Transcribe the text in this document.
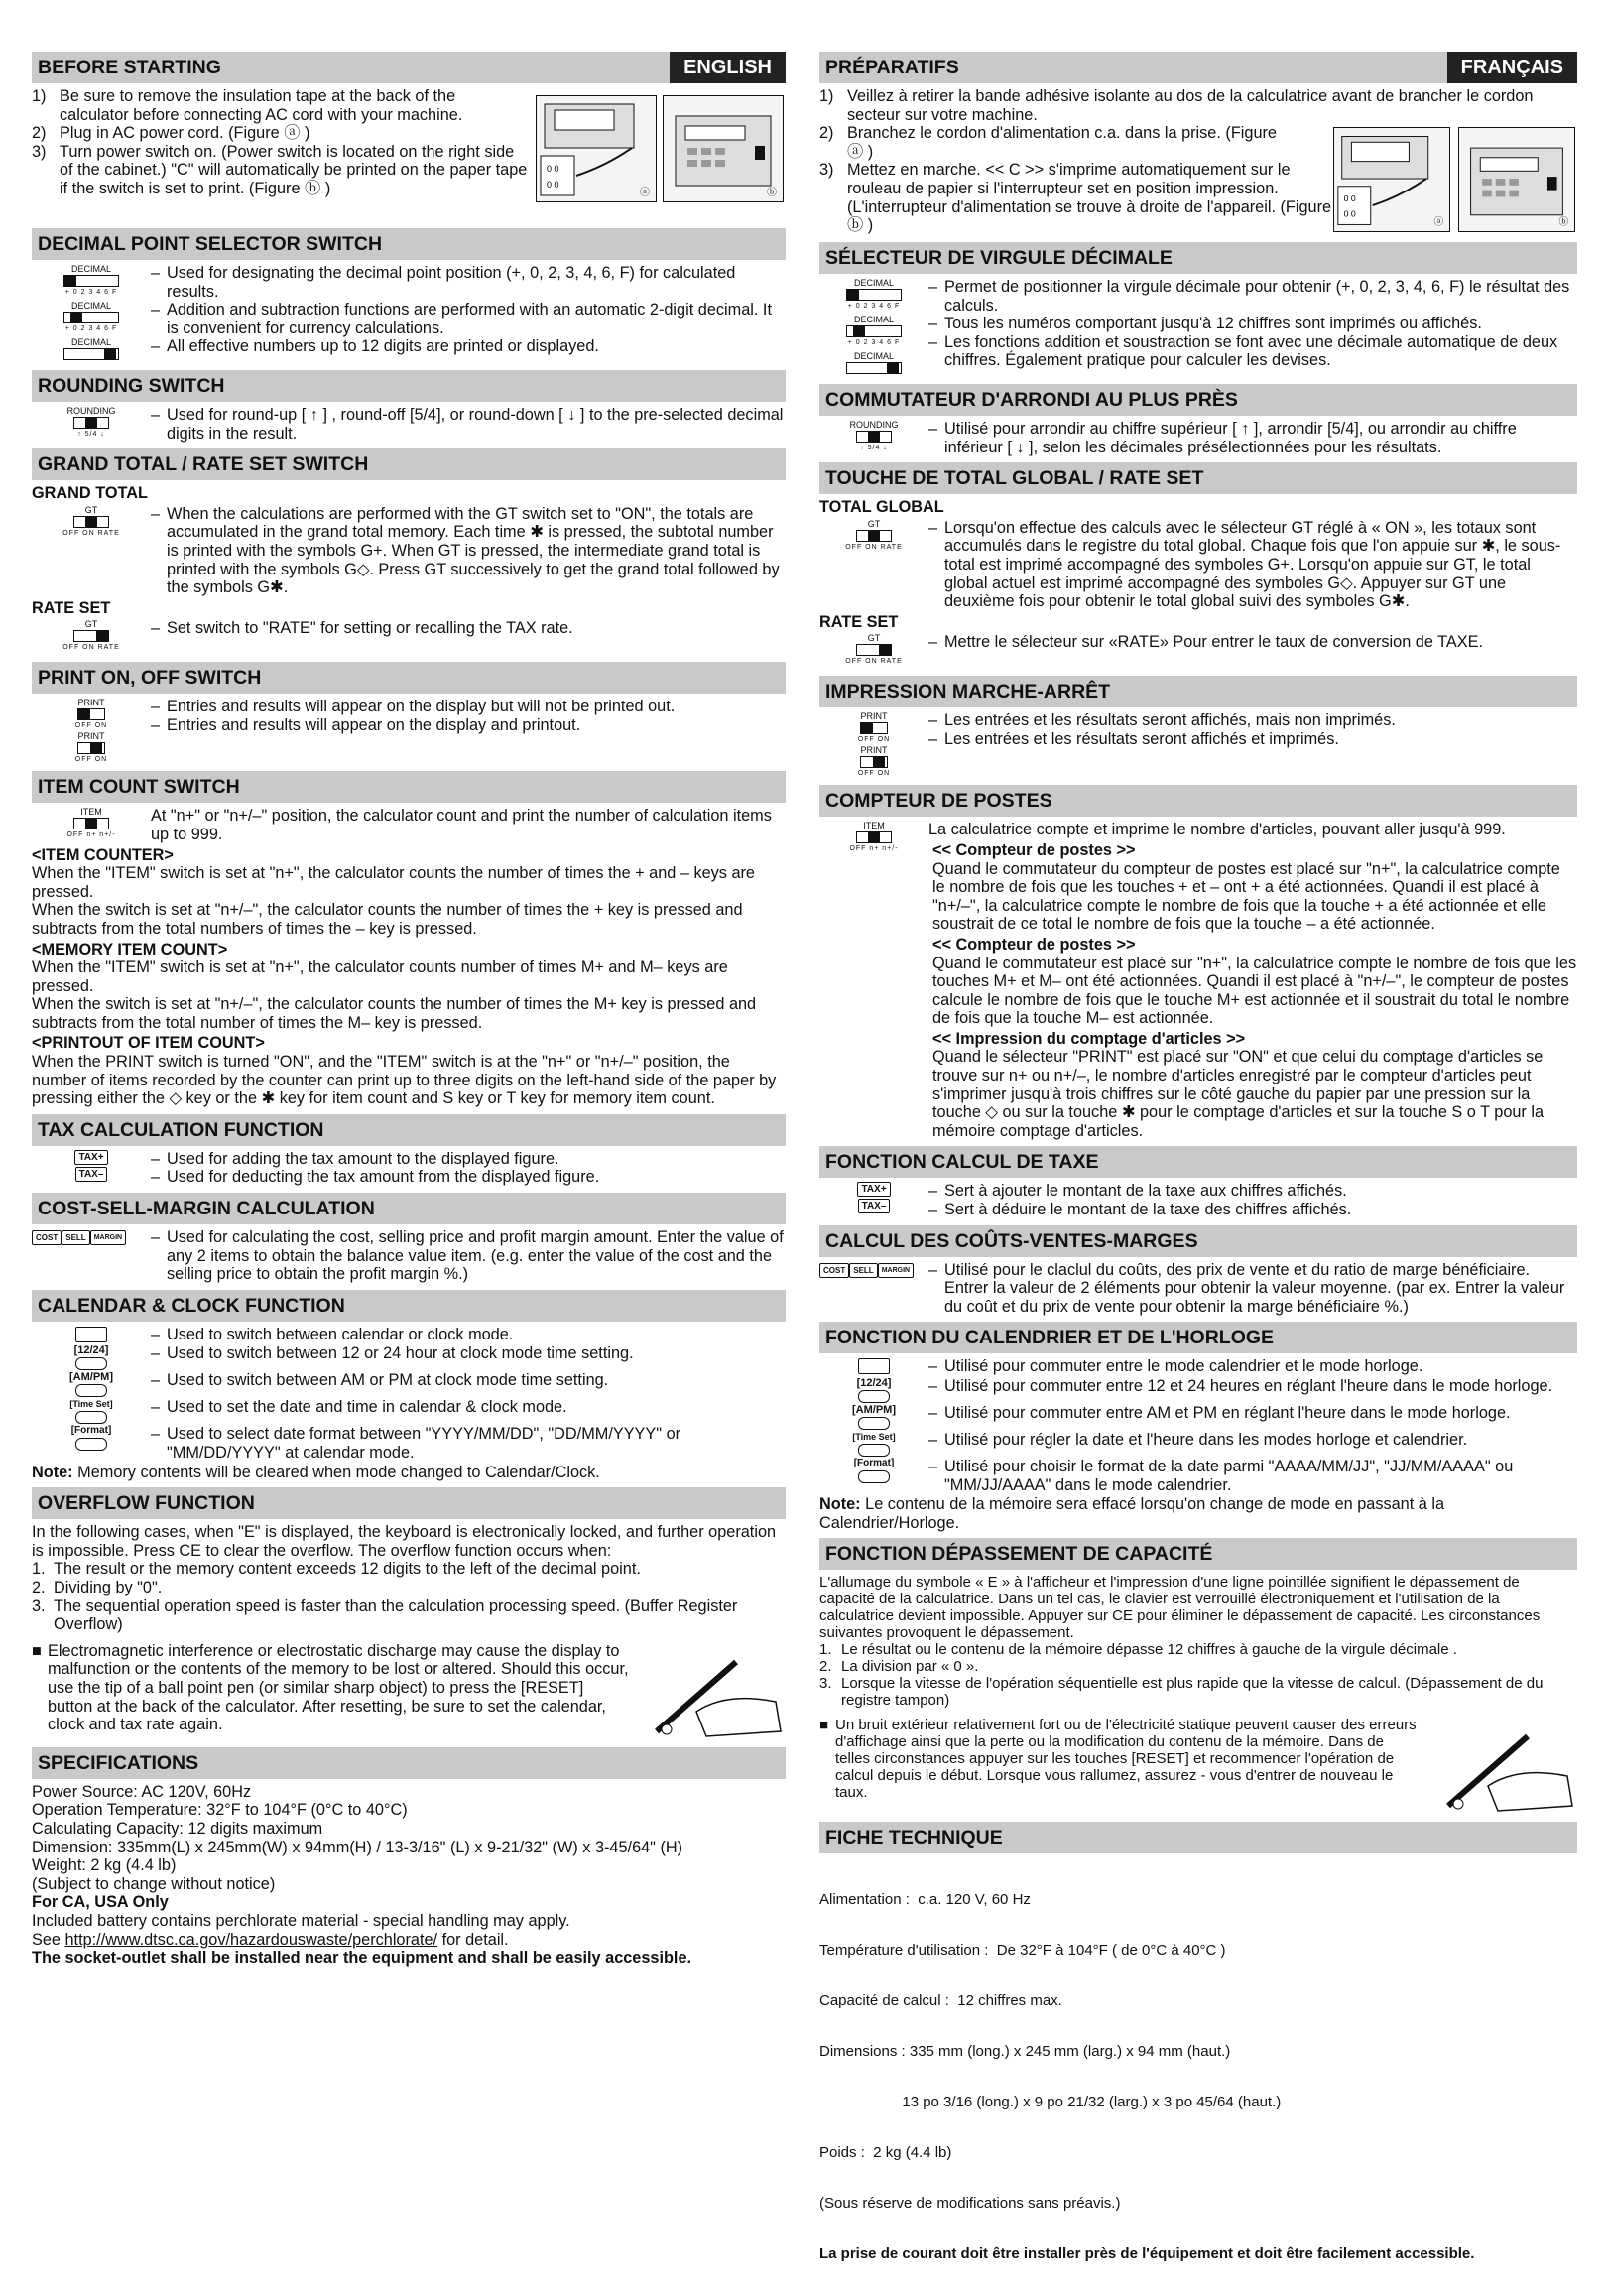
BEFORE STARTING	ENGLISH
1) Be sure to remove the insulation tape at the back of the calculator before connecting AC cord with your machine.
2) Plug in AC power cord. (Figure ⓐ )
3) Turn power switch on. (Power switch is located on the right side of the cabinet.) "C" will automatically be printed on the paper tape if the switch is set to print. (Figure ⓑ )
0 0
0 0
ⓐ	ⓑ
DECIMAL POINT SELECTOR SWITCH
DECIMAL
+ 0 2 3 4 6 F
DECIMAL
+ 0 2 3 4 6 F
DECIMAL
– Used for designating the decimal point position (+, 0, 2, 3, 4, 6, F) for calculated results.
– Addition and subtraction functions are performed with an automatic 2-digit decimal. It is convenient for currency calculations.
– All effective numbers up to 12 digits are printed or displayed.
ROUNDING SWITCH
ROUNDING
↑ 5/4 ↓
– Used for round-up [ ↑ ] , round-off [5/4], or round-down [ ↓ ] to the pre-selected decimal digits in the result.
GRAND TOTAL / RATE SET SWITCH
GRAND TOTAL
GT
OFF ON RATE
– When the calculations are performed with the GT switch set to "ON", the totals are accumulated in the grand total memory. Each time ✱ is pressed, the subtotal number is printed with the symbols G+. When GT is pressed, the intermediate grand total is printed with the symbols G◇. Press GT successively to get the grand total followed by the symbols G✱.
RATE SET
GT
OFF ON RATE
– Set switch to "RATE" for setting or recalling the TAX rate.
PRINT ON, OFF SWITCH
PRINT
OFF ON
PRINT
OFF ON
– Entries and results will appear on the display but will not be printed out.
– Entries and results will appear on the display and printout.
ITEM COUNT SWITCH
ITEM
OFF n+ n+/-
At "n+" or "n+/–" position, the calculator count and print the number of calculation items up to 999.
<ITEM COUNTER>

When the "ITEM" switch is set at "n+", the calculator counts the number of times the + and – keys are pressed.

When the switch is set at "n+/–", the calculator counts the number of times the + key is pressed and subtracts from the total numbers of times the – key is pressed.

<MEMORY ITEM COUNT>

When the "ITEM" switch is set at "n+", the calculator counts number of times M+ and M– keys are pressed.

When the switch is set at "n+/–", the calculator counts the number of times the M+ key is pressed and subtracts from the total number of times the M– key is pressed.

<PRINTOUT OF ITEM COUNT>

When the PRINT switch is turned "ON", and the "ITEM" switch is at the "n+" or "n+/–" position, the number of items recorded by the counter can print up to three digits on the left-hand side of the paper by pressing either the ◇ key or the ✱ key for item count and S key or T key for memory item count.

TAX CALCULATION FUNCTION
TAX+
TAX–
– Used for adding the tax amount to the displayed figure.
– Used for deducting the tax amount from the displayed figure.
COST-SELL-MARGIN CALCULATION
COST SELL MARGIN	– Used for calculating the cost, selling price and profit margin amount. Enter the value of any 2 items to obtain the balance value item. (e.g. enter the value of the cost and the selling price to obtain the profit margin %.)
CALENDAR & CLOCK FUNCTION
– Used to switch between calendar or clock mode.
[12/24]	– Used to switch between 12 or 24 hour at clock mode time setting.
[AM/PM] – Used to switch between AM or PM at clock mode time setting.
[Time Set] – Used to set the date and time in calendar & clock mode.
[Format] – Used to select date format between "YYYY/MM/DD", "DD/MM/YYYY" or "MM/DD/YYYY" at calendar mode.

Note: Memory contents will be cleared when mode changed to Calendar/Clock.

OVERFLOW FUNCTION

In the following cases, when "E" is displayed, the keyboard is electronically locked, and further operation is impossible. Press CE to clear the overflow. The overflow function occurs when:

1. The result or the memory content exceeds 12 digits to the left of the decimal point.
2. Dividing by "0".
3. The sequential operation speed is faster than the calculation processing speed. (Buffer Register Overflow)
■ Electromagnetic interference or electrostatic discharge may cause the display to malfunction or the contents of the memory to be lost or altered. Should this occur, use the tip of a ball point pen (or similar sharp object) to press the [RESET] button at the back of the calculator. After resetting, be sure to set the calendar, clock and tax rate again.
SPECIFICATIONS

Power Source: AC 120V, 60Hz

Operation Temperature: 32°F to 104°F (0°C to 40°C)

Calculating Capacity: 12 digits maximum

Dimension: 335mm(L) x 245mm(W) x 94mm(H) / 13-3/16" (L) x 9-21/32" (W) x 3-45/64" (H)

Weight: 2 kg (4.4 lb)

(Subject to change without notice)

For CA, USA Only

Included battery contains perchlorate material - special handling may apply.

See http://www.dtsc.ca.gov/hazardouswaste/perchlorate/ for detail.

The socket-outlet shall be installed near the equipment and shall be easily accessible.

PRÉPARATIFS	FRANÇAIS
1) Veillez à retirer la bande adhésive isolante au dos de la calculatrice avant de brancher le cordon secteur sur votre machine.
2) Branchez le cordon d'alimentation c.a. dans la prise. (Figure ⓐ )
3) Mettez en marche. << C >> s'imprime automatiquement sur le rouleau de papier si l'interrupteur set en position impression. (L'interrupteur d'alimentation se trouve à droite de l'appareil. (Figure ⓑ )
0 0
0 0
ⓐ	ⓑ
SÉLECTEUR DE VIRGULE DÉCIMALE
DECIMAL
+ 0 2 3 4 6 F
DECIMAL
+ 0 2 3 4 6 F
DECIMAL
– Permet de positionner la virgule décimale pour obtenir (+, 0, 2, 3, 4, 6, F) le résultat des calculs.
– Tous les numéros comportant jusqu'à 12 chiffres sont imprimés ou affichés.
– Les fonctions addition et soustraction se font avec une décimale automatique de deux chiffres. Également pratique pour calculer les devises.
COMMUTATEUR D'ARRONDI AU PLUS PRÈS
ROUNDING
↑ 5/4 ↓
– Utilisé pour arrondir au chiffre supérieur [ ↑ ], arrondir [5/4], ou arrondir au chiffre inférieur [ ↓ ], selon les décimales présélectionnées pour les résultats.
TOUCHE DE TOTAL GLOBAL / RATE SET
TOTAL GLOBAL
GT
OFF ON RATE
– Lorsqu'on effectue des calculs avec le sélecteur GT réglé à « ON », les totaux sont accumulés dans le registre du total global. Chaque fois que l'on appuie sur ✱, le sous-total est imprimé accompagné des symboles G+. Lorsqu'on appuie sur GT, le total global actuel est imprimé accompagné des symboles G◇. Appuyer sur GT une deuxième fois pour obtenir le total global suivi des symboles G✱.
RATE SET
GT
OFF ON RATE
– Mettre le sélecteur sur «RATE» Pour entrer le taux de conversion de TAXE.
IMPRESSION MARCHE-ARRÊT
PRINT
OFF ON
PRINT
OFF ON
– Les entrées et les résultats seront affichés, mais non imprimés.
– Les entrées et les résultats seront affichés et imprimés.
COMPTEUR DE POSTES
ITEM
OFF n+ n+/-

La calculatrice compte et imprime le nombre d'articles, pouvant aller jusqu'à 999.

<< Compteur de postes >>

Quand le commutateur du compteur de postes est placé sur "n+", la calculatrice compte le nombre de fois que les touches + et – ont + a été actionnées. Quandi il est placé à "n+/–", la calculatrice compte le nombre de fois que la touche + a été actionnée et elle soustrait de ce total le nombre de fois que la touche – a été actionnée.

<< Compteur de postes >>

Quand le commutateur est placé sur "n+", la calculatrice compte le nombre de fois que les touches M+ et M– ont été actionnées. Quandi il est placé à "n+/–", le compteur de postes calcule le nombre de fois que le touche M+ est actionnée et il soustrait du total le nombre de fois que la touche M– est actionnée.

<< Impression du comptage d'articles >>

Quand le sélecteur "PRINT" est placé sur "ON" et que celui du comptage d'articles se trouve sur n+ ou n+/–, le nombre d'articles enregistré par le compteur d'articles peut s'imprimer jusqu'à trois chiffres sur le côté gauche du papier par une pression sur la touche ◇ ou sur la touche ✱ pour le comptage d'articles et sur la touche S o T pour la mémoire comptage d'articles.

FONCTION CALCUL DE TAXE
TAX+
TAX–
– Sert à ajouter le montant de la taxe aux chiffres affichés.
– Sert à déduire le montant de la taxe des chiffres affichés.
CALCUL DES COÛTS-VENTES-MARGES
COST SELL MARGIN	– Utilisé pour le claclul du coûts, des prix de vente et du ratio de marge bénéficiaire. Entrer la valeur de 2 éléments pour obtenir la valeur moyenne. (par ex. Entrer la valeur du coût et du prix de vente pour obtenir la marge bénéficiaire %.)
FONCTION DU CALENDRIER ET DE L'HORLOGE
– Utilisé pour commuter entre le mode calendrier et le mode horloge.
[12/24] – Utilisé pour commuter entre 12 et 24 heures en réglant l'heure dans le mode horloge.
[AM/PM] – Utilisé pour commuter entre AM et PM en réglant l'heure dans le mode horloge.
[Time Set] – Utilisé pour régler la date et l'heure dans les modes horloge et calendrier.
[Format] – Utilisé pour choisir le format de la date parmi "AAAA/MM/JJ", "JJ/MM/AAAA" ou "MM/JJ/AAAA" dans le mode calendrier.

Note: Le contenu de la mémoire sera effacé lorsqu'on change de mode en passant à la Calendrier/Horloge.

FONCTION DÉPASSEMENT DE CAPACITÉ

L'allumage du symbole « E » à l'afficheur et l'impression d'une ligne pointillée signifient le dépassement de capacité de la calculatrice. Dans un tel cas, le clavier est verrouillé électroniquement et l'utilisation de la calculatrice devient impossible. Appuyer sur CE pour éliminer le dépassement de capacité. Les circonstances suivantes provoquent le dépassement.

1. Le résultat ou le contenu de la mémoire dépasse 12 chiffres à gauche de la virgule décimale .
2. La division par « 0 ».
3. Lorsque la vitesse de l'opération séquentielle est plus rapide que la vitesse de calcul. (Dépassement de du registre tampon)
■ Un bruit extérieur relativement fort ou de l'électricité statique peuvent causer des erreurs d'affichage ainsi que la perte ou la modification du contenu de la mémoire. Dans de telles circonstances appuyer sur les touches [RESET] et recommencer l'opération de calcul depuis le début. Lorsque vous rallumez, assurez - vous d'entrer de nouveau le taux.
FICHE TECHNIQUE

Alimentation :  c.a. 120 V, 60 Hz

Température d'utilisation :  De 32°F à 104°F ( de 0°C à 40°C )

Capacité de calcul :  12 chiffres max.

Dimensions : 335 mm (long.) x 245 mm (larg.) x 94 mm (haut.)

13 po 3/16 (long.) x 9 po 21/32 (larg.) x 3 po 45/64 (haut.)

Poids :  2 kg (4.4 lb)

(Sous réserve de modifications sans préavis.)

La prise de courant doit être installer près de l'équipement et doit être facilement accessible.
